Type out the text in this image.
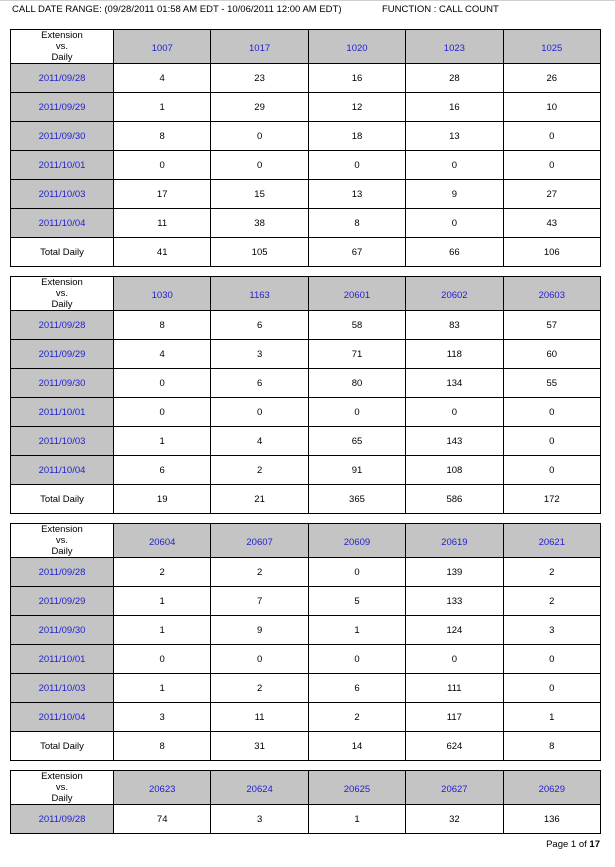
CALL DATE RANGE: (09/28/2011 01:58 AM EDT - 10/06/2011 12:00 AM EDT)	FUNCTION : CALL COUNT
Extension
vs.
Daily	1007	1017	1020	1023	1025
2011/09/28	4	23	16	28	26
2011/09/29	1	29	12	16	10
2011/09/30	8	0	18	13	0
2011/10/01	0	0	0	0	0
2011/10/03	17	15	13	9	27
2011/10/04	11	38	8	0	43
Total Daily	41	105	67	66	106
Extension
vs.
Daily	1030	1163	20601	20602	20603
2011/09/28	8	6	58	83	57
2011/09/29	4	3	71	118	60
2011/09/30	0	6	80	134	55
2011/10/01	0	0	0	0	0
2011/10/03	1	4	65	143	0
2011/10/04	6	2	91	108	0
Total Daily	19	21	365	586	172
Extension
vs.
Daily	20604	20607	20609	20619	20621
2011/09/28	2	2	0	139	2
2011/09/29	1	7	5	133	2
2011/09/30	1	9	1	124	3
2011/10/01	0	0	0	0	0
2011/10/03	1	2	6	111	0
2011/10/04	3	11	2	117	1
Total Daily	8	31	14	624	8
Extension
vs.
Daily	20623	20624	20625	20627	20629
2011/09/28	74	3	1	32	136
Page 1 of 17
